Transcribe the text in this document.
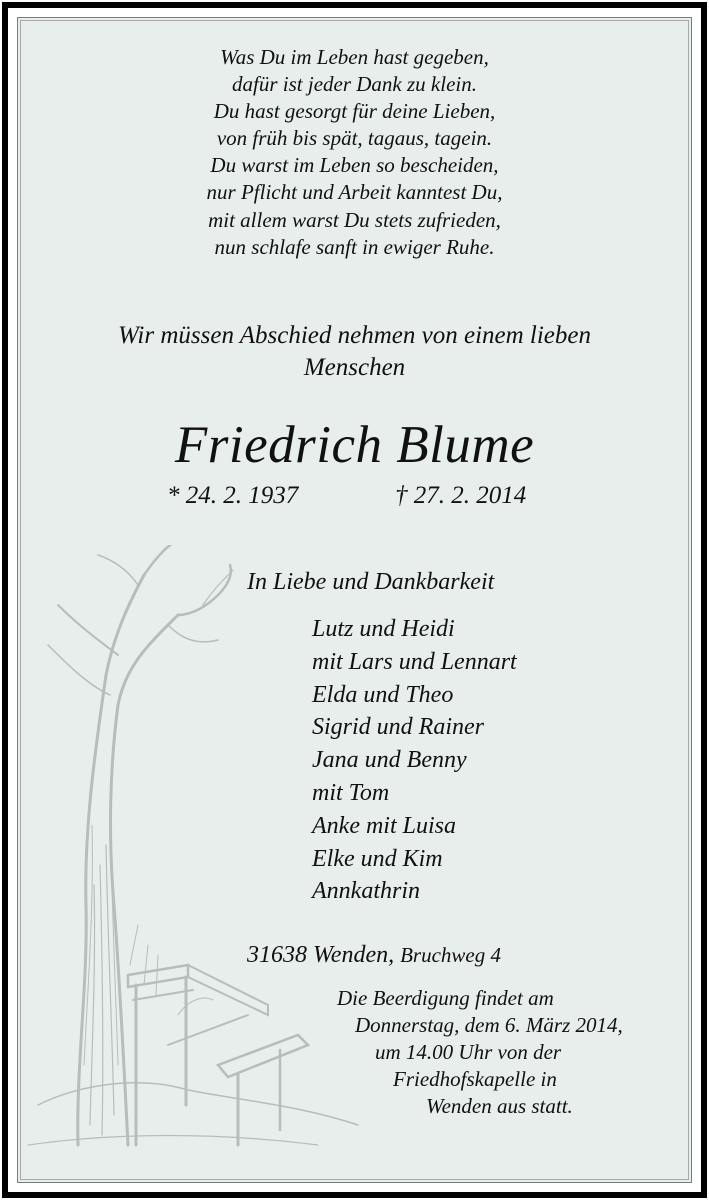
Was Du im Leben hast gegeben,
dafür ist jeder Dank zu klein.
Du hast gesorgt für deine Lieben,
von früh bis spät, tagaus, tagein.
Du warst im Leben so bescheiden,
nur Pflicht und Arbeit kanntest Du,
mit allem warst Du stets zufrieden,
nun schlafe sanft in ewiger Ruhe.
Wir müssen Abschied nehmen von einem lieben
Menschen
Friedrich Blume
* 24. 2. 1937	† 27. 2. 2014
In Liebe und Dankbarkeit
Lutz und Heidi
mit Lars und Lennart
Elda und Theo
Sigrid und Rainer
Jana und Benny
mit Tom
Anke mit Luisa
Elke und Kim
Annkathrin
31638 Wenden, Bruchweg 4
Die Beerdigung findet am
Donnerstag, dem 6. März 2014,
um 14.00 Uhr von der
Friedhofskapelle in
Wenden aus statt.
